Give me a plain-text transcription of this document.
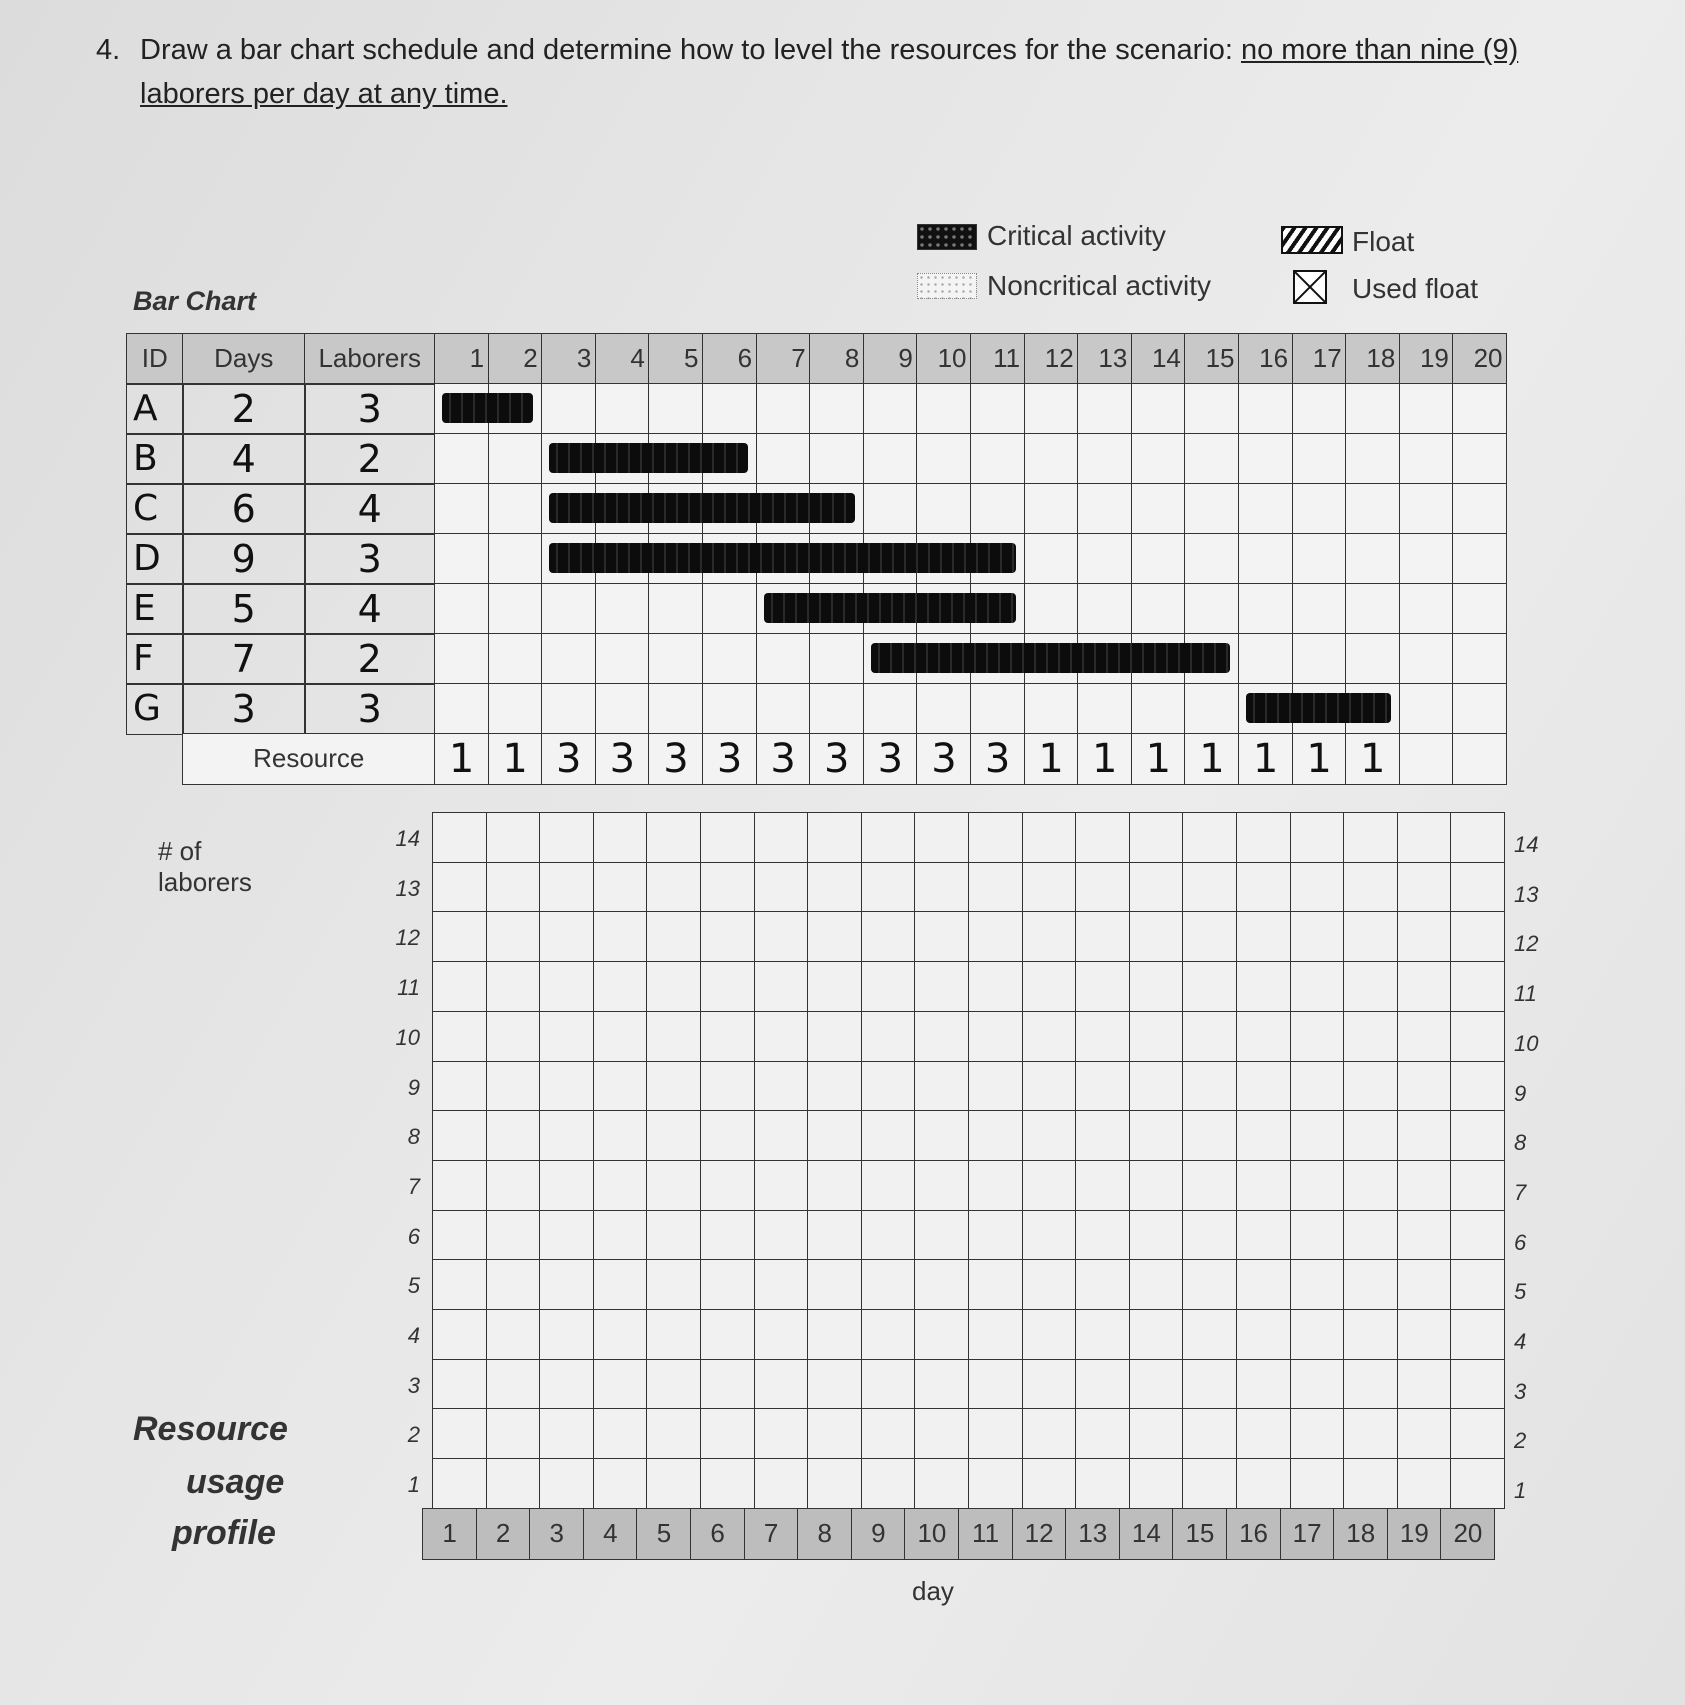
4. Draw a bar chart schedule and determine how to level the resources for the scenario: no more than nine (9) laborers per day at any time.
Critical activity
Noncritical activity
Float
Used float
Bar Chart
ID	Days	Laborers	1	2	3	4	5	6	7	8	9 10	11 12 13 14 15 16 17 18 19 20
A	2	3
B	4	2
C	6	4
D	9	3
E	5	4
F	7	2
G	3	3
Resource	1 1 3 3 3 3 3 3 3 3 3 1 1 1 1 1 1 1
# of laborers
Resource
usage
profile
day
14	14
13	13
12	12
11	11
10	10
9	9
8	8
7	7
6	6
5	5
4	4
3	3
2	2
1	1
1	2	3	4	5	6	7	8	9	10 11 12 13 14 15 16 17 18 19 20
